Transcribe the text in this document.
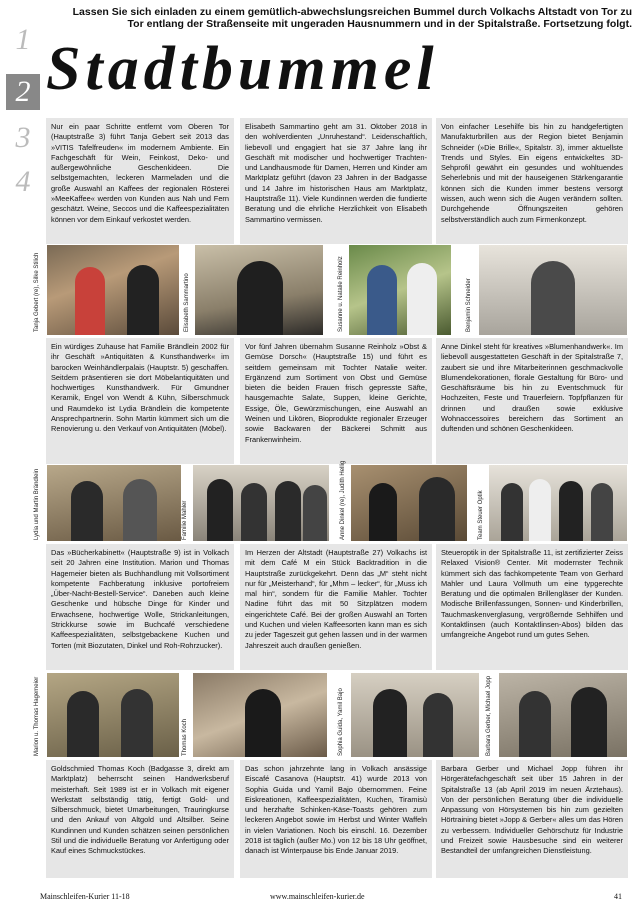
1
2
3
4
Lassen Sie sich einladen zu einem gemütlich-abwechslungsreichen Bummel durch Volkachs Altstadt von Tor zu Tor entlang der Straßenseite mit ungeraden Hausnummern und in der Spitalstraße. Fortsetzung folgt.
Stadtbummel
Nur ein paar Schritte entfernt vom Oberen Tor (Hauptstraße 3) führt Tanja Gebert seit 2013 das »VITIS Tafelfreuden« im modernem Ambiente. Ein Fachgeschäft für Wein, Feinkost, Deko- und außergewöhnliche Geschenkideen. Die selbstgemachten, leckeren Marmeladen und die große Auswahl an Kaffees der regionalen Rösterei »MeeKaffee« werden von Kunden aus Nah und Fern geschätzt. Weine, Seccos und die Kaffeespezialitäten können vor dem Einkauf verkostet werden.
Elisabeth Sammartino geht am 31. Oktober 2018 in den wohlverdienten „Unruhestand“. Leidenschaftlich, liebevoll und engagiert hat sie 37 Jahre lang ihr Geschäft mit modischer und hochwertiger Trachten- und Landhausmode für Damen, Herren und Kinder am Marktplatz geführt (davon 23 Jahren in der Badgasse und 14 Jahre im historischen Haus am Marktplatz, Hauptstraße 11). Viele Kundinnen werden die fundierte Beratung und die ehrliche Herzlichkeit von Elisabeth Sammartino vermissen.
Von einfacher Lesehilfe bis hin zu handgefertigten Manufakturbrillen aus der Region bietet Benjamin Schneider (»Die Brille«, Spitalstr. 3), immer aktuellste Trends und Styles. Ein eigens entwickeltes 3D-Sehprofil gewährt ein gesundes und wohltuendes Seherlebnis und mit der hauseigenen Stärkengarantie können sich die Kunden immer bestens versorgt wissen, auch wenn sich die Augen verändern sollten. Durchgehende Öffnungszeiten gehören selbstverständlich auch zum Firmenkonzept.
Ein würdiges Zuhause hat Familie Brändlein 2002 für ihr Geschäft »Antiquitäten & Kunsthandwerk« im barocken Weinhändlerpalais (Hauptstr. 5) geschaffen. Seitdem präsentieren sie dort Möbelantiquitäten und hochwertiges Kunsthandwerk. Für Gmundner Keramik, Engel von Wendt & Kühn, Silberschmuck und Raumdeko ist Lydia Brändlein die kompetente Ansprechpartnerin. Sohn Martin kümmert sich um die Renovierung u. den Verkauf von Antiquitäten (Möbel).
Vor fünf Jahren übernahm Susanne Reinholz »Obst & Gemüse Dorsch« (Hauptstraße 15) und führt es seitdem gemeinsam mit Tochter Natalie weiter. Ergänzend zum Sortiment von Obst und Gemüse bieten die beiden Frauen frisch gepresste Säfte, hausgemachte Salate, Suppen, kleine Gerichte, Essige, Öle, Gewürzmischungen, eine Auswahl an Weinen und Likören, Bioprodukte regionaler Erzeuger sowie Backwaren der Bäckerei Schmitt aus Frankenwinheim.
Anne Dinkel steht für kreatives »Blumenhandwerk«. Im liebevoll ausgestatteten Geschäft in der Spitalstraße 7, zaubert sie und ihre Mitarbeiterinnen geschmackvolle Blumendekorationen, florale Gestaltung für Büro- und Geschäftsräume bis hin zu Eventschmuck für Hochzeiten, Feste und Trauerfeiern. Topfpflanzen für drinnen und draußen sowie exklusive Wohnaccessoires bereichern das Sortiment an duftenden und schönen Geschenkideen.
Das »Bücherkabinett« (Hauptstraße 9) ist in Volkach seit 20 Jahren eine Institution. Marion und Thomas Hagemeier bieten als Buchhandlung mit Vollsortiment kompetente Fachberatung inklusive portofreiem „Über-Nacht-Bestell-Service“. Daneben auch kleine Geschenke und hübsche Dinge für Kinder und Erwachsene, hochwertige Wolle, Strickanleitungen, Strickkurse sowie im Buchcafé verschiedene Kaffeespezialitäten, selbstgebackene Kuchen und Torten (mit Biozutaten, Dinkel und Roh-Rohrzucker).
Im Herzen der Altstadt (Hauptstraße 27) Volkachs ist mit dem Café M ein Stück Backtradition in die Hauptstraße zurückgekehrt. Denn das „M“ steht nicht nur für „Meisterhand“, für „Mhm – lecker“, für „Muss ich mal hin“, sondern für die Familie Mahler. Tochter Nadine führt das mit 50 Sitzplätzen modern eingerichtete Café. Bei der großen Auswahl an Torten und Kuchen und vielen Kaffeesorten kann man es sich zu jeder Tageszeit gut gehen lassen und in der warmen Jahreszeit auch draußen genießen.
Steueroptik in der Spitalstraße 11, ist zertifizierter Zeiss Relaxed Vision® Center. Mit modernster Technik kümmert sich das fachkompetente Team von Gerhard Mahler und Laura Vollmuth um eine typgerechte Beratung und die optimalen Brillengläser der Kunden. Modische Brillenfassungen, Sonnen- und Kinderbrillen, Tauchmaskenverglasung, vergrößernde Sehhilfen und Kontaktlinsen (auch Kontaktlinsen-Abos) bilden das umfangreiche Angebot rund um gutes Sehen.
Goldschmied Thomas Koch (Badgasse 3, direkt am Marktplatz) beherrscht seinen Handwerksberuf meisterhaft. Seit 1989 ist er in Volkach mit eigener Werkstatt selbständig tätig, fertigt Gold- und Silberschmuck, bietet Umarbeitungen, Trauringkurse und den Ankauf von Altgold und Altsilber. Seine Kundinnen und Kunden schätzen seinen persönlichen Stil und die individuelle Beratung vor Anfertigung oder Kauf eines Schmuckstückes.
Das schon jahrzehnte lang in Volkach ansässige Eiscafé Casanova (Hauptstr. 41) wurde 2013 von Sophia Guida und Yamil Bajo übernommen. Feine Eiskreationen, Kaffeespezialitäten, Kuchen, Tiramisù und herzhafte Schinken-Käse-Toasts gehören zum leckeren Angebot sowie im Herbst und Winter Waffeln in vielen Variationen. Noch bis einschl. 16. Dezember 2018 ist täglich (außer Mo.) von 12 bis 18 Uhr geöffnet, danach ist Winterpause bis Ende Januar 2019.
Barbara Gerber und Michael Jopp führen ihr Hörgerätefachgeschäft seit über 15 Jahren in der Spitalstraße 13 (ab April 2019 im neuen Ärztehaus). Von der persönlichen Beratung über die individuelle Anpassung von Hörsystemen bis hin zum gezielten Hörtraining bietet »Jopp & Gerber« alles um das Hören zu verbessern. Individueller Gehörschutz für Industrie und Freizeit sowie Hausbesuche sind ein weiterer Bestandteil der umfangreichen Dienstleistung.
Tanja Gebert (re), Silke Stilich	Elisabeth Sammartino	Susanne u. Natalie Reinholz	Benjamin Schneider
Lydia und Martin Brändlein	Familie Mahler	Anne Dinkel (re), Judith Hellig	Team Steuer Optik
Marion u. Thomas Hagemeier	Thomas Koch	Sophia Guida, Yamil Bajo	Barbara Gerber, Michael Jopp
Mainschleifen-Kurier 11-18	www.mainschleifen-kurier.de	41
